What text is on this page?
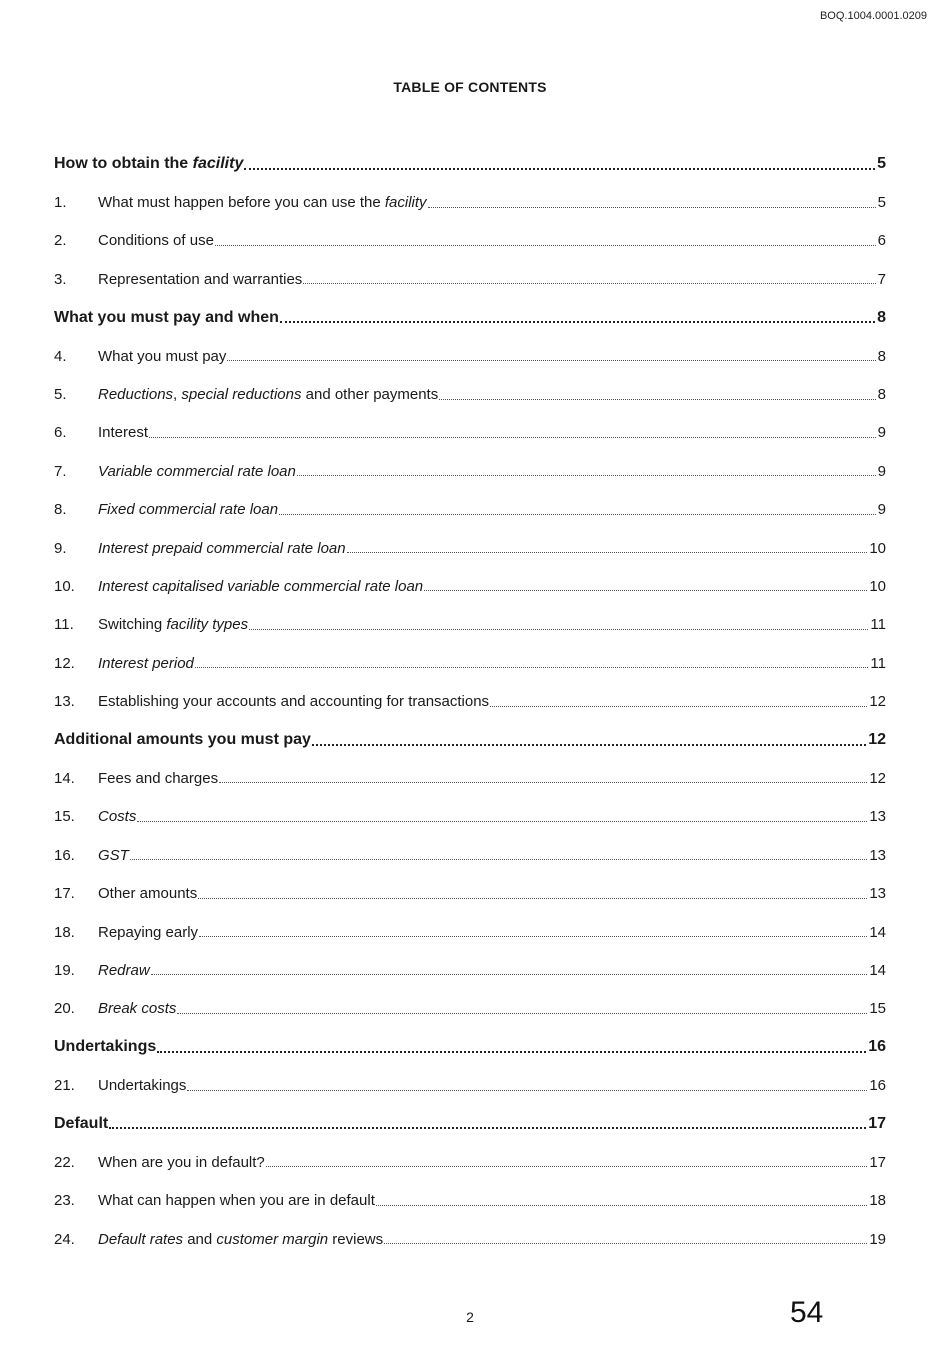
BOQ.1004.0001.0209
TABLE OF CONTENTS
How to obtain the facility	5
1.	What must happen before you can use the facility	5
2.	Conditions of use	6
3.	Representation and warranties	7
What you must pay and when	8
4.	What you must pay	8
5.	Reductions, special reductions and other payments	8
6.	Interest	9
7.	Variable commercial rate loan	9
8.	Fixed commercial rate loan	9
9.	Interest prepaid commercial rate loan	10
10.	Interest capitalised variable commercial rate loan	10
11.	Switching facility types	11
12.	Interest period	11
13.	Establishing your accounts and accounting for transactions	12
Additional amounts you must pay	12
14.	Fees and charges	12
15.	Costs	13
16.	GST	13
17.	Other amounts	13
18.	Repaying early	14
19.	Redraw	14
20.	Break costs	15
Undertakings	16
21.	Undertakings	16
Default	17
22.	When are you in default?	17
23.	What can happen when you are in default	18
24.	Default rates and customer margin reviews	19
2	54
